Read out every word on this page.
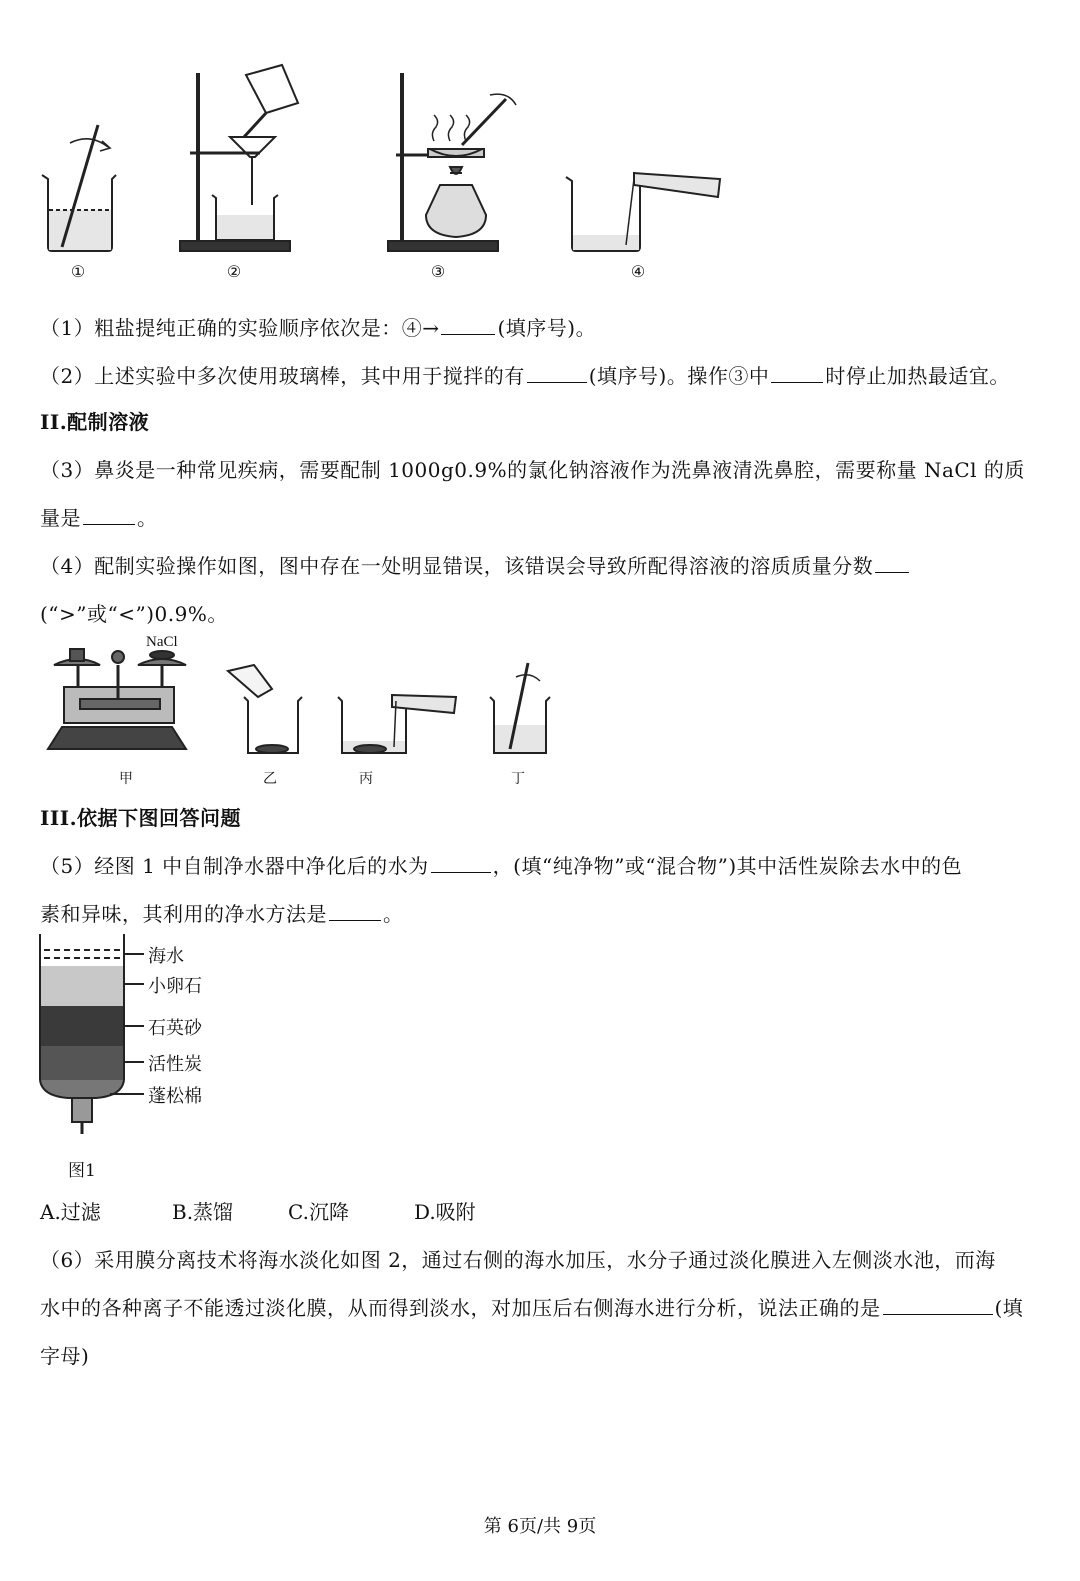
①	②	③	④
（1）粗盐提纯正确的实验顺序依次是：④→	(填序号)。
（2）上述实验中多次使用玻璃棒，其中用于搅拌的有	(填序号)。操作③中	时停止加热最适宜。
II.配制溶液
（3）鼻炎是一种常见疾病，需要配制 1000g0.9%的氯化钠溶液作为洗鼻液清洗鼻腔，需要称量 NaCl 的质
量是	。
（4）配制实验操作如图，图中存在一处明显错误，该错误会导致所配得溶液的溶质质量分数
(“>”或“<”)0.9%。
NaCl
甲	乙	丙	丁
III.依据下图回答问题
（5）经图 1 中自制净水器中净化后的水为	，(填“纯净物”或“混合物”)其中活性炭除去水中的色
素和异味，其利用的净水方法是	。
海水
小卵石
石英砂
活性炭
蓬松棉
图1
A.过滤	B.蒸馏	C.沉降	D.吸附
（6）采用膜分离技术将海水淡化如图 2，通过右侧的海水加压，水分子通过淡化膜进入左侧淡水池，而海
水中的各种离子不能透过淡化膜，从而得到淡水，对加压后右侧海水进行分析，说法正确的是	(填
字母)
第 6页/共 9页
